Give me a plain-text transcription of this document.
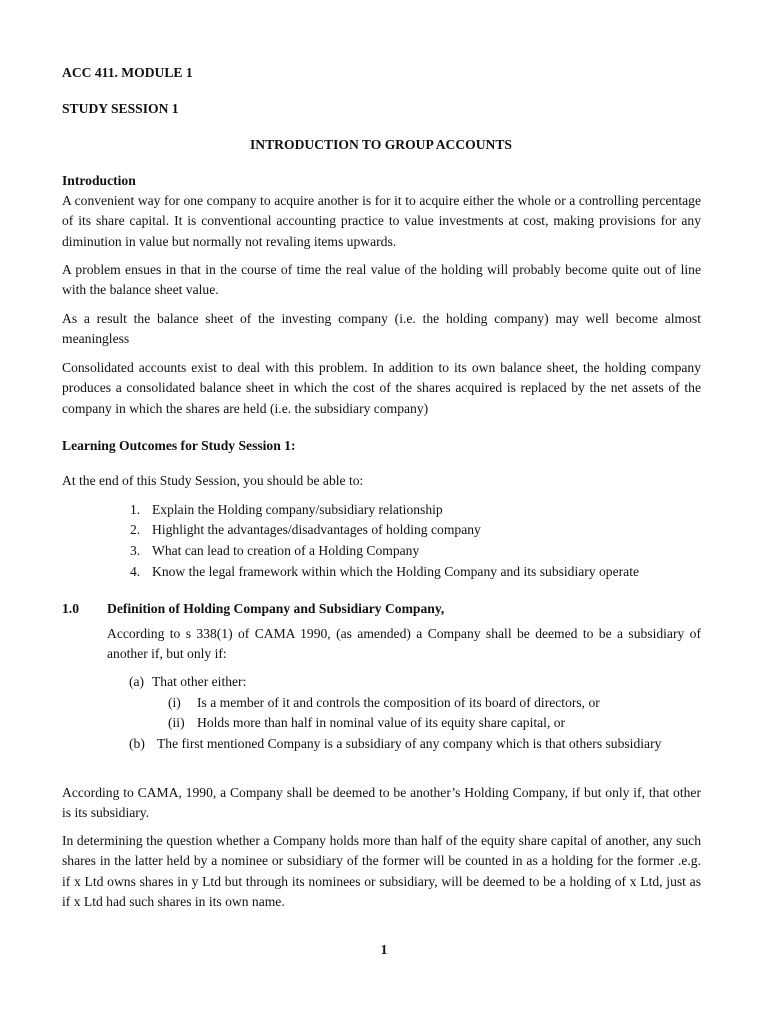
ACC 411. MODULE 1
STUDY SESSION 1
INTRODUCTION TO GROUP ACCOUNTS
Introduction
A convenient way for one company to acquire another is for it to acquire either the whole or a controlling percentage of its share capital. It is conventional accounting practice to value investments at cost, making provisions for any diminution in value but normally not revaling items upwards.
A problem ensues in that in the course of time the real value of the holding will probably become quite out of line with the balance sheet value.
As a result the balance sheet of the investing company (i.e. the holding company) may well become almost meaningless
Consolidated accounts exist to deal with this problem. In addition to its own balance sheet, the holding company produces a consolidated balance sheet in which the cost of the shares acquired is replaced by the net assets of the company in which the shares are held (i.e. the subsidiary company)
Learning Outcomes for Study Session 1:
At the end of this Study Session, you should be able to:
1. Explain the Holding company/subsidiary relationship
2. Highlight the advantages/disadvantages of holding company
3. What can lead to creation of a Holding Company
4. Know the legal framework within which the Holding Company and its subsidiary operate
1.0 Definition of Holding Company and Subsidiary Company,
According to s 338(1) of CAMA 1990, (as amended) a Company shall be deemed to be a subsidiary of another if, but only if:
(a) That other either:
(i) Is a member of it and controls the composition of its board of directors, or
(ii) Holds more than half in nominal value of its equity share capital, or
(b) The first mentioned Company is a subsidiary of any company which is that others subsidiary
According to CAMA, 1990, a Company shall be deemed to be another’s Holding Company, if but only if, that other is its subsidiary.
In determining the question whether a Company holds more than half of the equity share capital of another, any such shares in the latter held by a nominee or subsidiary of the former will be counted in as a holding for the former .e.g. if x Ltd owns shares in y Ltd but through its nominees or subsidiary, will be deemed to be a holding of x Ltd, just as if x Ltd had such shares in its own name.
1
